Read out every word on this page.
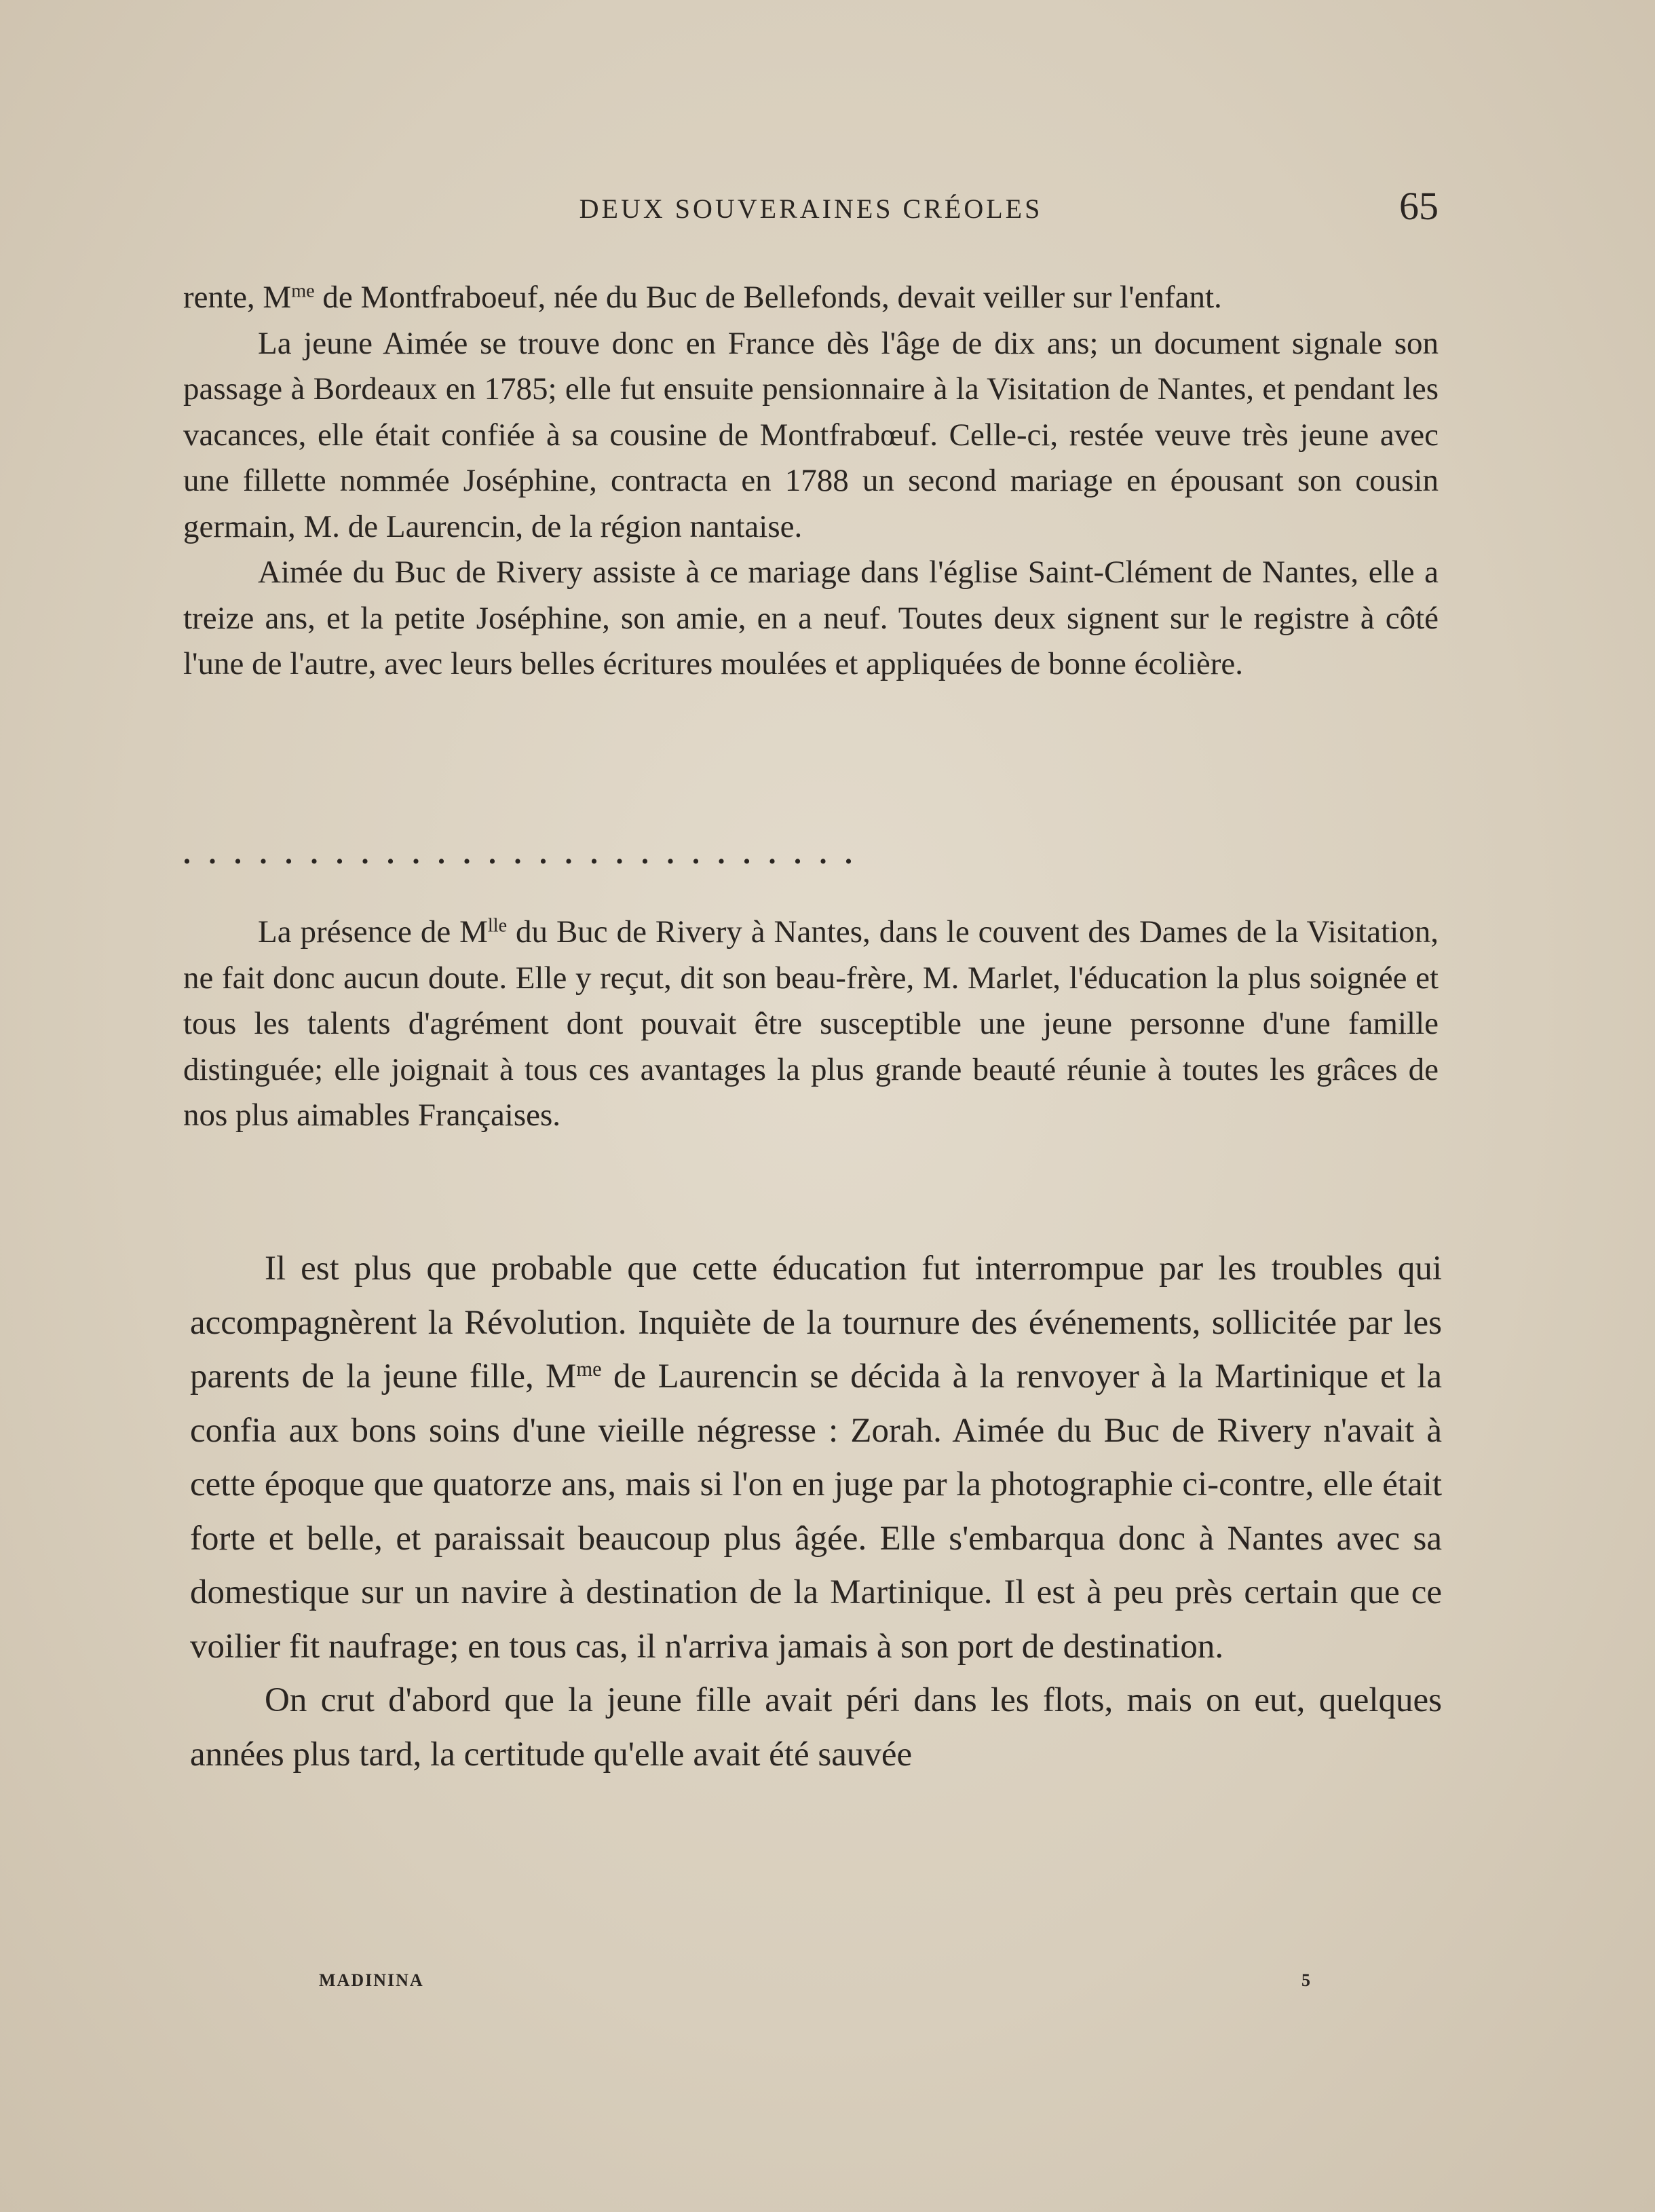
DEUX SOUVERAINES CRÉOLES	65

rente, $M^{me}$ de Montfraboeuf, née du Buc de Bellefonds, devait veiller sur l'enfant.

La jeune Aimée se trouve donc en France dès l'âge de dix ans; un document signale son passage à Bordeaux en 1785; elle fut ensuite pensionnaire à la Visitation de Nantes, et pendant les vacances, elle était confiée à sa cousine de Montfrabœuf. Celle-ci, restée veuve très jeune avec une fillette nommée Joséphine, contracta en 1788 un second mariage en épousant son cousin germain, M. de Laurencin, de la région nantaise.

Aimée du Buc de Rivery assiste à ce mariage dans l'église Saint-Clément de Nantes, elle a treize ans, et la petite Joséphine, son amie, en a neuf. Toutes deux signent sur le registre à côté l'une de l'autre, avec leurs belles écritures moulées et appliquées de bonne écolière.

...........................

La présence de $M^{lle}$ du Buc de Rivery à Nantes, dans le couvent des Dames de la Visitation, ne fait donc aucun doute. Elle y reçut, dit son beau-frère, M. Marlet, l'éducation la plus soignée et tous les talents d'agrément dont pouvait être susceptible une jeune personne d'une famille distinguée; elle joignait à tous ces avantages la plus grande beauté réunie à toutes les grâces de nos plus aimables Françaises.

Il est plus que probable que cette éducation fut interrompue par les troubles qui accompagnèrent la Révolution. Inquiète de la tournure des événements, sollicitée par les parents de la jeune fille, $M^{me}$ de Laurencin se décida à la renvoyer à la Martinique et la confia aux bons soins d'une vieille négresse : Zorah. Aimée du Buc de Rivery n'avait à cette époque que quatorze ans, mais si l'on en juge par la photographie ci-contre, elle était forte et belle, et paraissait beaucoup plus âgée. Elle s'embarqua donc à Nantes avec sa domestique sur un navire à destination de la Martinique. Il est à peu près certain que ce voilier fit naufrage; en tous cas, il n'arriva jamais à son port de destination.

On crut d'abord que la jeune fille avait péri dans les flots, mais on eut, quelques années plus tard, la certitude qu'elle avait été sauvée

MADININA	5
